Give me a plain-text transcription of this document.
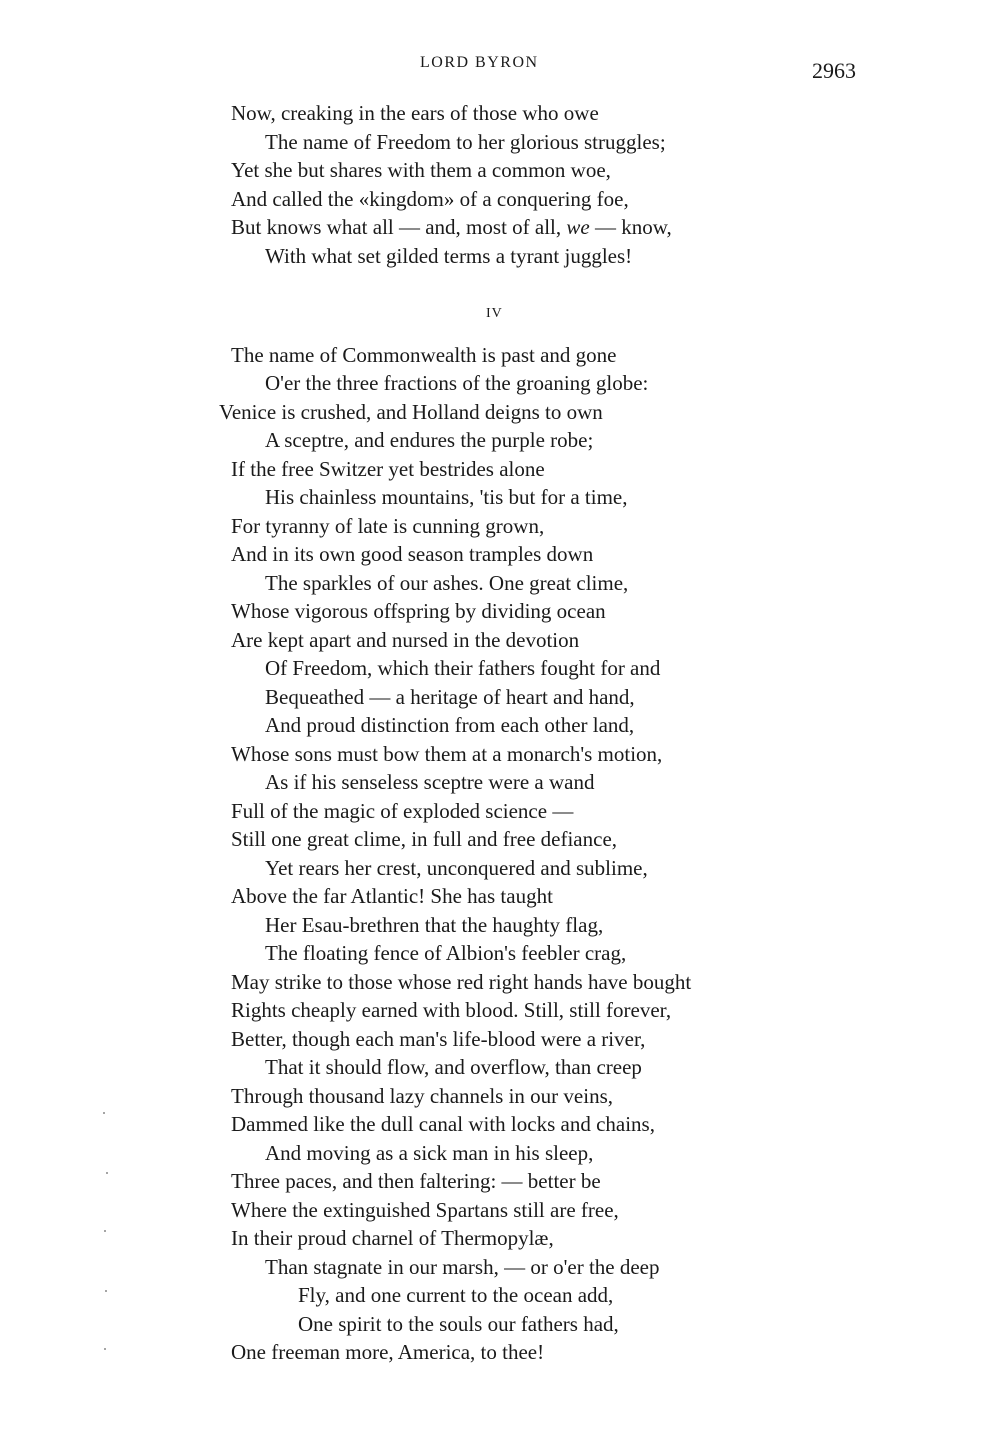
LORD BYRON	2963
Now, creaking in the ears of those who owe
The name of Freedom to her glorious struggles;
Yet she but shares with them a common woe,
And called the «kingdom» of a conquering foe,
But knows what all — and, most of all, we — know,
With what set gilded terms a tyrant juggles!
IV
The name of Commonwealth is past and gone
O'er the three fractions of the groaning globe:
Venice is crushed, and Holland deigns to own
A sceptre, and endures the purple robe;
If the free Switzer yet bestrides alone
His chainless mountains, 'tis but for a time,
For tyranny of late is cunning grown,
And in its own good season tramples down
The sparkles of our ashes. One great clime,
Whose vigorous offspring by dividing ocean
Are kept apart and nursed in the devotion
Of Freedom, which their fathers fought for and
Bequeathed — a heritage of heart and hand,
And proud distinction from each other land,
Whose sons must bow them at a monarch's motion,
As if his senseless sceptre were a wand
Full of the magic of exploded science —
Still one great clime, in full and free defiance,
Yet rears her crest, unconquered and sublime,
Above the far Atlantic! She has taught
Her Esau-brethren that the haughty flag,
The floating fence of Albion's feebler crag,
May strike to those whose red right hands have bought
Rights cheaply earned with blood. Still, still forever,
Better, though each man's life-blood were a river,
That it should flow, and overflow, than creep
Through thousand lazy channels in our veins,
Dammed like the dull canal with locks and chains,
And moving as a sick man in his sleep,
Three paces, and then faltering: — better be
Where the extinguished Spartans still are free,
In their proud charnel of Thermopylæ,
Than stagnate in our marsh, — or o'er the deep
Fly, and one current to the ocean add,
One spirit to the souls our fathers had,
One freeman more, America, to thee!
